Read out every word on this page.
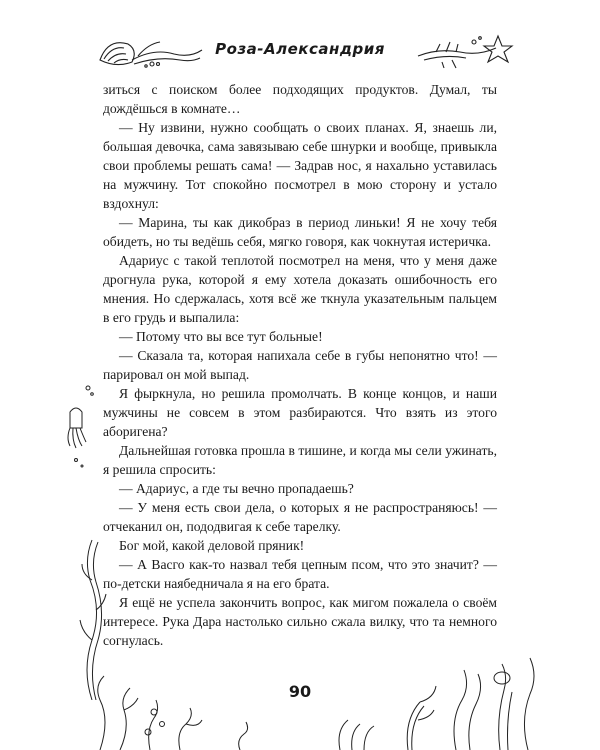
Роза-Александрия

зиться с поиском более подходящих продуктов. Думал, ты дождёшься в комнате…

— Ну извини, нужно сообщать о своих планах. Я, знаешь ли, большая девочка, сама завязываю себе шнурки и вообще, привыкла свои проблемы решать сама! — Задрав нос, я нахально уставилась на мужчину. Тот спокойно посмотрел в мою сторону и устало вздохнул:

— Марина, ты как дикобраз в период линьки! Я не хочу тебя обидеть, но ты ведёшь себя, мягко говоря, как чокнутая истеричка.

Адариус с такой теплотой посмотрел на меня, что у меня даже дрогнула рука, которой я ему хотела доказать ошибочность его мнения. Но сдержалась, хотя всё же ткнула указательным пальцем в его грудь и выпалила:

— Потому что вы все тут больные!

— Сказала та, которая напихала себе в губы непонятно что! — парировал он мой выпад.

Я фыркнула, но решила промолчать. В конце концов, и наши мужчины не совсем в этом разбираются. Что взять из этого аборигена?

Дальнейшая готовка прошла в тишине, и когда мы сели ужинать, я решила спросить:

— Адариус, а где ты вечно пропадаешь?

— У меня есть свои дела, о которых я не распространяюсь! — отчеканил он, пододвигая к себе тарелку.

Бог мой, какой деловой пряник!

— А Васго как-то назвал тебя цепным псом, что это значит? — по-детски наябедничала я на его брата.

Я ещё не успела закончить вопрос, как мигом пожалела о своём интересе. Рука Дара настолько сильно сжала вилку, что та немного согнулась.

90
